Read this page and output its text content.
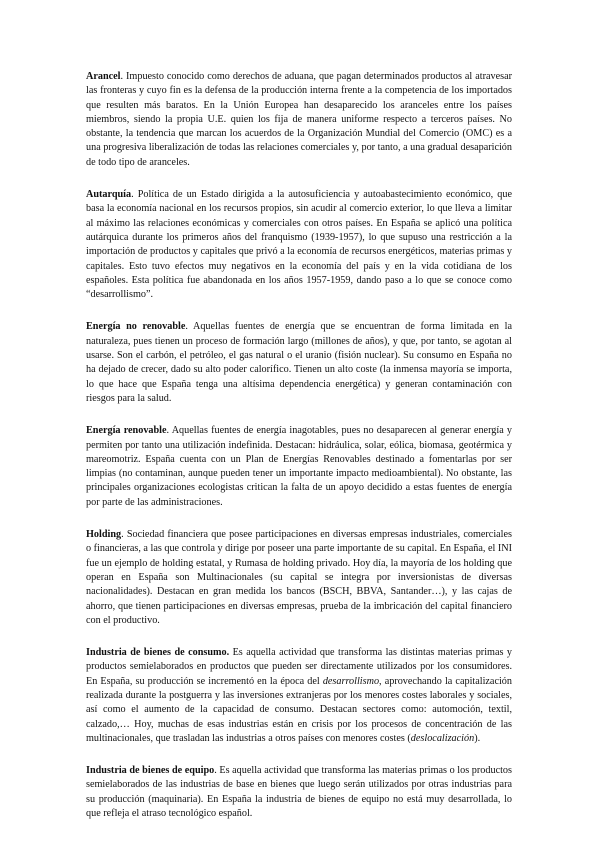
Arancel. Impuesto conocido como derechos de aduana, que pagan determinados productos al atravesar las fronteras y cuyo fin es la defensa de la producción interna frente a la competencia de los importados que resulten más baratos. En la Unión Europea han desaparecido los aranceles entre los países miembros, siendo la propia U.E. quien los fija de manera uniforme respecto a terceros países. No obstante, la tendencia que marcan los acuerdos de la Organización Mundial del Comercio (OMC) es a una progresiva liberalización de todas las relaciones comerciales y, por tanto, a una gradual desaparición de todo tipo de aranceles.

Autarquía. Política de un Estado dirigida a la autosuficiencia y autoabastecimiento económico, que basa la economía nacional en los recursos propios, sin acudir al comercio exterior, lo que lleva a limitar al máximo las relaciones económicas y comerciales con otros países. En España se aplicó una política autárquica durante los primeros años del franquismo (1939-1957), lo que supuso una restricción a la importación de productos y capitales que privó a la economía de recursos energéticos, materias primas y capitales. Esto tuvo efectos muy negativos en la economía del país y en la vida cotidiana de los españoles. Esta política fue abandonada en los años 1957-1959, dando paso a lo que se conoce como “desarrollismo”.

Energía no renovable. Aquellas fuentes de energía que se encuentran de forma limitada en la naturaleza, pues tienen un proceso de formación largo (millones de años), y que, por tanto, se agotan al usarse. Son el carbón, el petróleo, el gas natural o el uranio (fisión nuclear). Su consumo en España no ha dejado de crecer, dado su alto poder calorífico. Tienen un alto coste (la inmensa mayoría se importa, lo que hace que España tenga una altísima dependencia energética) y generan contaminación con riesgos para la salud.

Energía renovable. Aquellas fuentes de energía inagotables, pues no desaparecen al generar energía y permiten por tanto una utilización indefinida. Destacan: hidráulica, solar, eólica, biomasa, geotérmica y mareomotriz. España cuenta con un Plan de Energías Renovables destinado a fomentarlas por ser limpias (no contaminan, aunque pueden tener un importante impacto medioambiental). No obstante, las principales organizaciones ecologistas critican la falta de un apoyo decidido a estas fuentes de energía por parte de las administraciones.

Holding. Sociedad financiera que posee participaciones en diversas empresas industriales, comerciales o financieras, a las que controla y dirige por poseer una parte importante de su capital. En España, el INI fue un ejemplo de holding estatal, y Rumasa de holding privado. Hoy día, la mayoría de los holding que operan en España son Multinacionales (su capital se integra por inversionistas de diversas nacionalidades). Destacan en gran medida los bancos (BSCH, BBVA, Santander…), y las cajas de ahorro, que tienen participaciones en diversas empresas, prueba de la imbricación del capital financiero con el productivo.

Industria de bienes de consumo. Es aquella actividad que transforma las distintas materias primas y productos semielaborados en productos que pueden ser directamente utilizados por los consumidores. En España, su producción se incrementó en la época del desarrollismo, aprovechando la capitalización realizada durante la postguerra y las inversiones extranjeras por los menores costes laborales y sociales, así como el aumento de la capacidad de consumo. Destacan sectores como: automoción, textil, calzado,… Hoy, muchas de esas industrias están en crisis por los procesos de concentración de las multinacionales, que trasladan las industrias a otros países con menores costes (deslocalización).

Industria de bienes de equipo. Es aquella actividad que transforma las materias primas o los productos semielaborados de las industrias de base en bienes que luego serán utilizados por otras industrias para su producción (maquinaria). En España la industria de bienes de equipo no está muy desarrollada, lo que refleja el atraso tecnológico español.
